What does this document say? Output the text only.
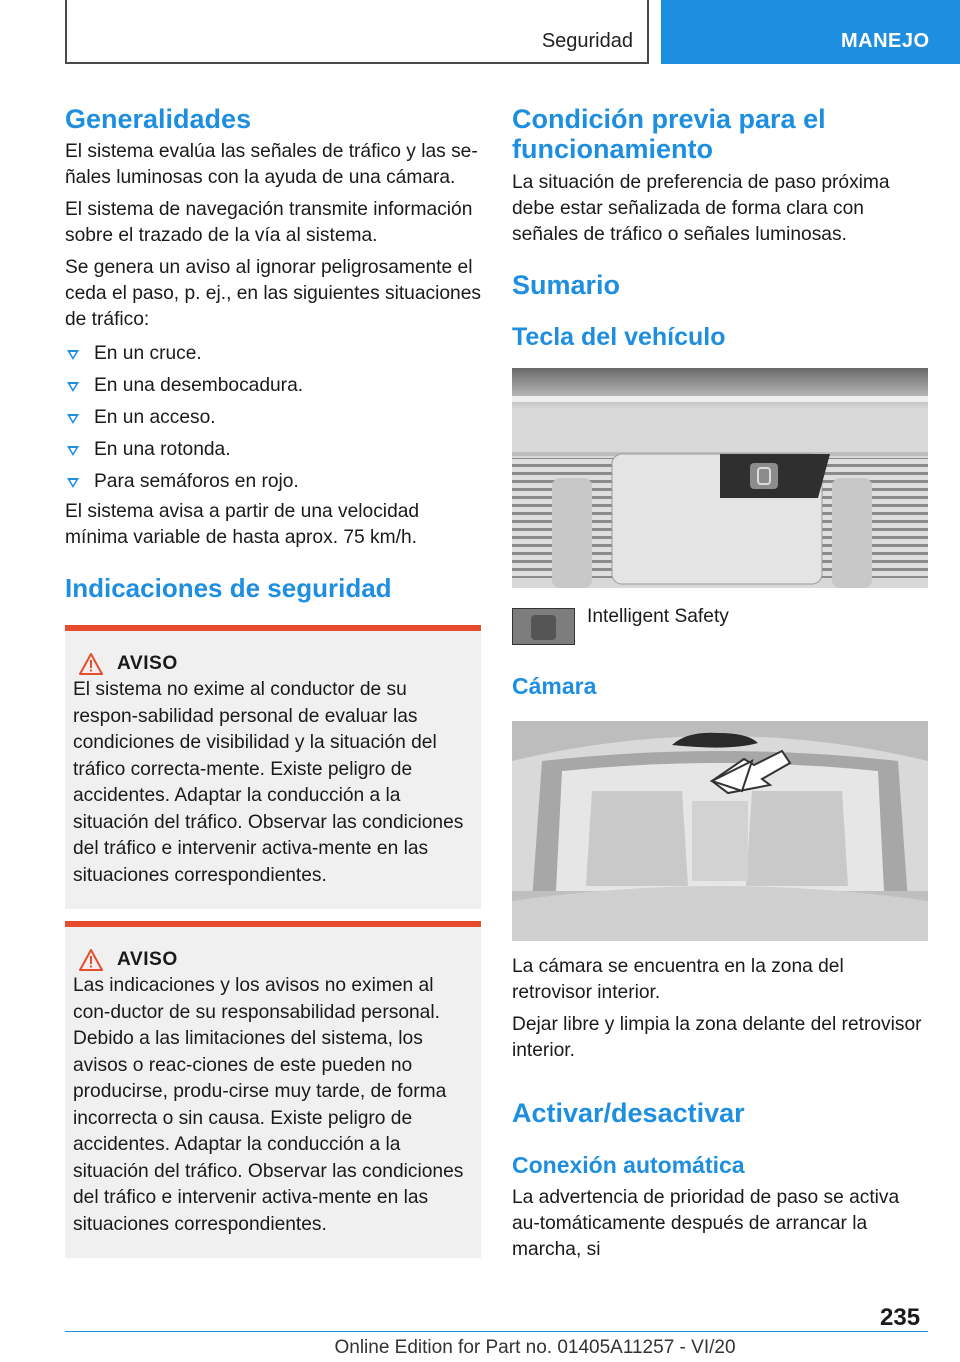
Seguridad	MANEJO
Generalidades

El sistema evalúa las señales de tráfico y las se‐ñales luminosas con la ayuda de una cámara.

El sistema de navegación transmite información sobre el trazado de la vía al sistema.

Se genera un aviso al ignorar peligrosamente el ceda el paso, p. ej., en las siguientes situaciones de tráfico:

En un cruce.
En una desembocadura.
En un acceso.
En una rotonda.
Para semáforos en rojo.

El sistema avisa a partir de una velocidad mínima variable de hasta aprox. 75 km/h.

Indicaciones de seguridad
AVISO

El sistema no exime al conductor de su respon‐sabilidad personal de evaluar las condiciones de visibilidad y la situación del tráfico correcta‐mente. Existe peligro de accidentes. Adaptar la conducción a la situación del tráfico. Observar las condiciones del tráfico e intervenir activa‐mente en las situaciones correspondientes.

AVISO

Las indicaciones y los avisos no eximen al con‐ductor de su responsabilidad personal. Debido a las limitaciones del sistema, los avisos o reac‐ciones de este pueden no producirse, produ‐cirse muy tarde, de forma incorrecta o sin causa. Existe peligro de accidentes. Adaptar la conducción a la situación del tráfico. Observar las condiciones del tráfico e intervenir activa‐mente en las situaciones correspondientes.

Condición previa para el funcionamiento

La situación de preferencia de paso próxima debe estar señalizada de forma clara con señales de tráfico o señales luminosas.

Sumario
Tecla del vehículo

Intelligent Safety

Cámara

La cámara se encuentra en la zona del retrovisor interior.

Dejar libre y limpia la zona delante del retrovisor interior.

Activar/desactivar
Conexión automática

La advertencia de prioridad de paso se activa au‐tomáticamente después de arrancar la marcha, si

235
Online Edition for Part no. 01405A11257 - VI/20
